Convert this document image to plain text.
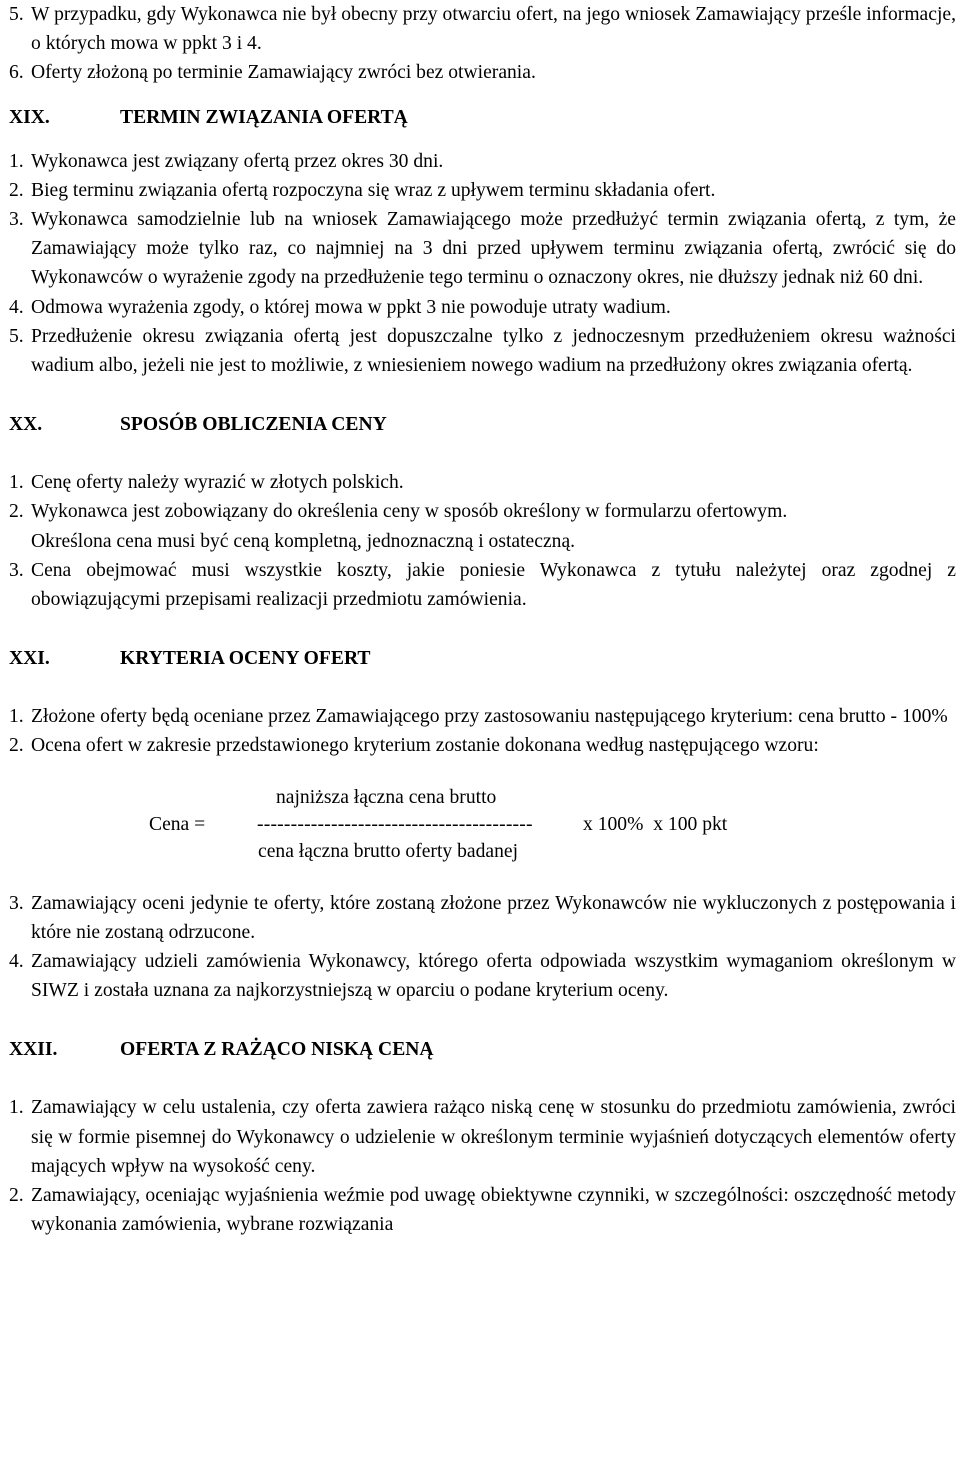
5. W przypadku, gdy Wykonawca nie był obecny przy otwarciu ofert, na jego wniosek Zamawiający prześle informacje, o których mowa w ppkt 3 i 4.
6. Oferty złożoną po terminie Zamawiający zwróci bez otwierania.
XIX.	TERMIN ZWIĄZANIA OFERTĄ
1. Wykonawca jest związany ofertą przez okres 30 dni.
2. Bieg terminu związania ofertą rozpoczyna się wraz z upływem terminu składania ofert.
3. Wykonawca samodzielnie lub na wniosek Zamawiającego może przedłużyć termin związania ofertą, z tym, że Zamawiający może tylko raz, co najmniej na 3 dni przed upływem terminu związania ofertą, zwrócić się do Wykonawców o wyrażenie zgody na przedłużenie tego terminu o oznaczony okres, nie dłuższy jednak niż 60 dni.
4. Odmowa wyrażenia zgody, o której mowa w ppkt 3 nie powoduje utraty wadium.
5. Przedłużenie okresu związania ofertą jest dopuszczalne tylko z jednoczesnym przedłużeniem okresu ważności wadium albo, jeżeli nie jest to możliwie, z wniesieniem nowego wadium na przedłużony okres związania ofertą.
XX.	SPOSÓB OBLICZENIA CENY
1. Cenę oferty należy wyrazić w złotych polskich.
2. Wykonawca jest zobowiązany do określenia ceny w sposób określony w formularzu ofertowym.
Określona cena musi być ceną kompletną, jednoznaczną i ostateczną.
3. Cena obejmować musi wszystkie koszty, jakie poniesie Wykonawca z tytułu należytej oraz zgodnej z obowiązującymi przepisami realizacji przedmiotu zamówienia.
XXI.	KRYTERIA OCENY OFERT
1. Złożone oferty będą oceniane przez Zamawiającego przy zastosowaniu następującego kryterium: cena brutto - 100%
2. Ocena ofert w zakresie przedstawionego kryterium zostanie dokonana według następującego wzoru:
najniższa łączna cena brutto
Cena =	-----------------------------------------	x 100%  x 100 pkt
cena łączna brutto oferty badanej
3. Zamawiający oceni jedynie te oferty, które zostaną złożone przez Wykonawców nie wykluczonych z postępowania i które nie zostaną odrzucone.
4. Zamawiający udzieli zamówienia Wykonawcy, którego oferta odpowiada wszystkim wymaganiom określonym w SIWZ i została uznana za najkorzystniejszą w oparciu o podane kryterium oceny.
XXII.	OFERTA Z RAŻĄCO NISKĄ CENĄ
1. Zamawiający w celu ustalenia, czy oferta zawiera rażąco niską cenę w stosunku do przedmiotu zamówienia, zwróci się w formie pisemnej do Wykonawcy o udzielenie w określonym terminie wyjaśnień dotyczących elementów oferty mających wpływ na wysokość ceny.
2. Zamawiający, oceniając wyjaśnienia weźmie pod uwagę obiektywne czynniki, w szczególności: oszczędność metody wykonania zamówienia, wybrane rozwiązania
